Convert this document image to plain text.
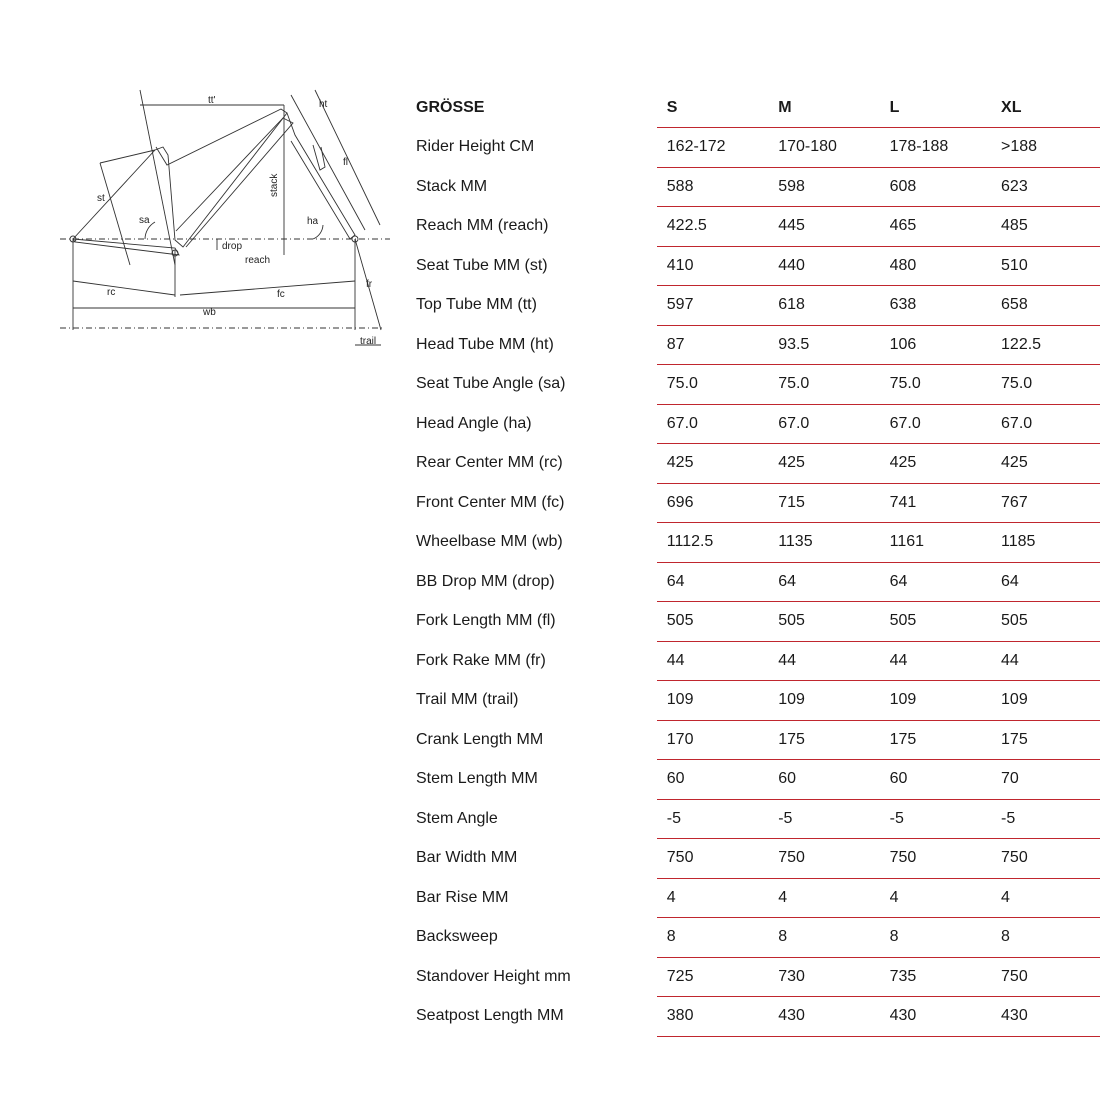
tt'	ht
fl
stack
st
sa	ha
drop
reach
rc	fc
fr
wb
trail
GRÖSSE	S	M	L	XL
Rider Height CM	162-172	170-180	178-188	>188
Stack MM	588	598	608	623
Reach MM (reach)	422.5	445	465	485
Seat Tube MM (st)	410	440	480	510
Top Tube MM (tt)	597	618	638	658
Head Tube MM (ht)	87	93.5	106	122.5
Seat Tube Angle (sa)	75.0	75.0	75.0	75.0
Head Angle (ha)	67.0	67.0	67.0	67.0
Rear Center MM (rc)	425	425	425	425
Front Center MM (fc)	696	715	741	767
Wheelbase MM (wb)	1112.5	1135	1161	1185
BB Drop MM (drop)	64	64	64	64
Fork Length MM (fl)	505	505	505	505
Fork Rake MM (fr)	44	44	44	44
Trail MM (trail)	109	109	109	109
Crank Length MM	170	175	175	175
Stem Length MM	60	60	60	70
Stem Angle	-5	-5	-5	-5
Bar Width MM	750	750	750	750
Bar Rise MM	4	4	4	4
Backsweep	8	8	8	8
Standover Height mm	725	730	735	750
Seatpost Length MM	380	430	430	430
